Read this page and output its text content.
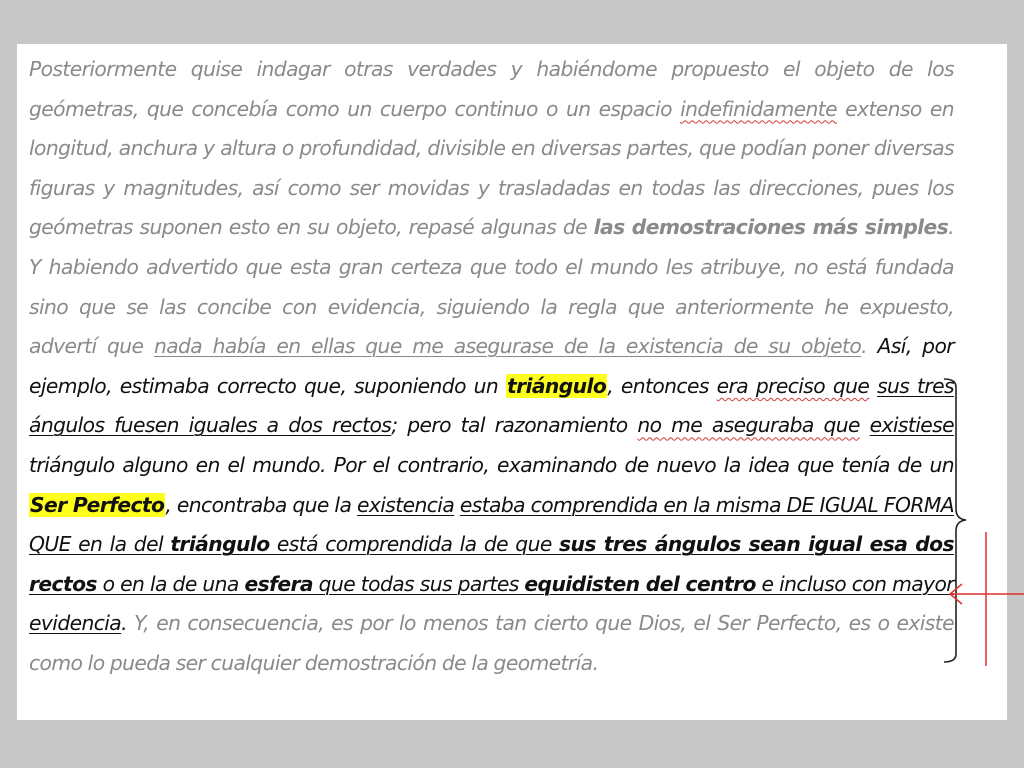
Posteriormente quise indagar otras verdades y habiéndome propuesto el objeto de los geómetras, que concebía como un cuerpo continuo o un espacio indefinidamente extenso en longitud, anchura y altura o profundidad, divisible en diversas partes, que podían poner diversas figuras y magnitudes, así como ser movidas y trasladadas en todas las direcciones, pues los geómetras suponen esto en su objeto, repasé algunas de las demostraciones más simples. Y habiendo advertido que esta gran certeza que todo el mundo les atribuye, no está fundada sino que se las concibe con evidencia, siguiendo la regla que anteriormente he expuesto, advertí que nada había en ellas que me asegurase de la existencia de su objeto. Así, por ejemplo, estimaba correcto que, suponiendo un triángulo, entonces era preciso que sus tres ángulos fuesen iguales a dos rectos; pero tal razonamiento no me aseguraba que existiese triángulo alguno en el mundo. Por el contrario, examinando de nuevo la idea que tenía de un Ser Perfecto, encontraba que la existencia estaba comprendida en la misma DE IGUAL FORMA QUE en la del triángulo está comprendida la de que sus tres ángulos sean igual esa dos rectos o en la de una esfera que todas sus partes equidisten del centro e incluso con mayor evidencia. Y, en consecuencia, es por lo menos tan cierto que Dios, el Ser Perfecto, es o existe como lo pueda ser cualquier demostración de la geometría.
